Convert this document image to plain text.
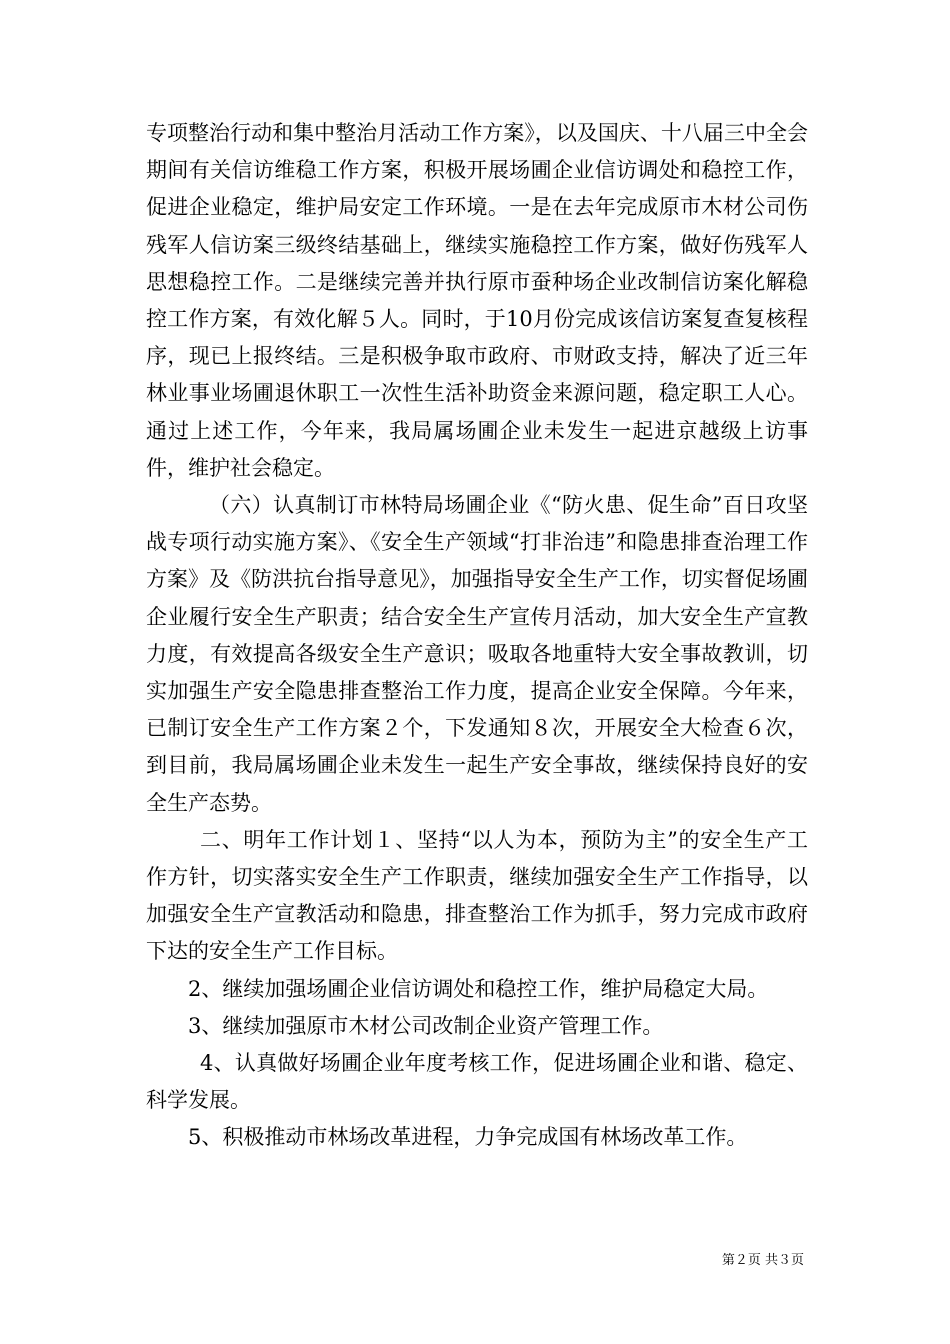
专项整治行动和集中整治月活动工作方案》，以及国庆、十八届三中全会期间有关信访维稳工作方案，积极开展场圃企业信访调处和稳控工作，促进企业稳定，维护局安定工作环境。一是在去年完成原市木材公司伤残军人信访案三级终结基础上，继续实施稳控工作方案，做好伤残军人思想稳控工作。二是继续完善并执行原市蚕种场企业改制信访案化解稳控工作方案，有效化解５人。同时，于10月份完成该信访案复查复核程序，现已上报终结。三是积极争取市政府、市财政支持，解决了近三年林业事业场圃退休职工一次性生活补助资金来源问题，稳定职工人心。通过上述工作，今年来，我局属场圃企业未发生一起进京越级上访事件，维护社会稳定。

（六）认真制订市林特局场圃企业《“防火患、促生命”百日攻坚战专项行动实施方案》、《安全生产领域“打非治违”和隐患排查治理工作方案》及《防洪抗台指导意见》，加强指导安全生产工作，切实督促场圃企业履行安全生产职责；结合安全生产宣传月活动，加大安全生产宣教力度，有效提高各级安全生产意识；吸取各地重特大安全事故教训，切实加强生产安全隐患排查整治工作力度，提高企业安全保障。今年来，已制订安全生产工作方案２个，下发通知８次，开展安全大检查６次，到目前，我局属场圃企业未发生一起生产安全事故，继续保持良好的安全生产态势。

二、明年工作计划１、坚持“以人为本，预防为主”的安全生产工作方针，切实落实安全生产工作职责，继续加强安全生产工作指导，以加强安全生产宣教活动和隐患，排查整治工作为抓手，努力完成市政府下达的安全生产工作目标。

2、继续加强场圃企业信访调处和稳控工作，维护局稳定大局。

3、继续加强原市木材公司改制企业资产管理工作。

4、认真做好场圃企业年度考核工作，促进场圃企业和谐、稳定、科学发展。

5、积极推动市林场改革进程，力争完成国有林场改革工作。

第２页 共３页
